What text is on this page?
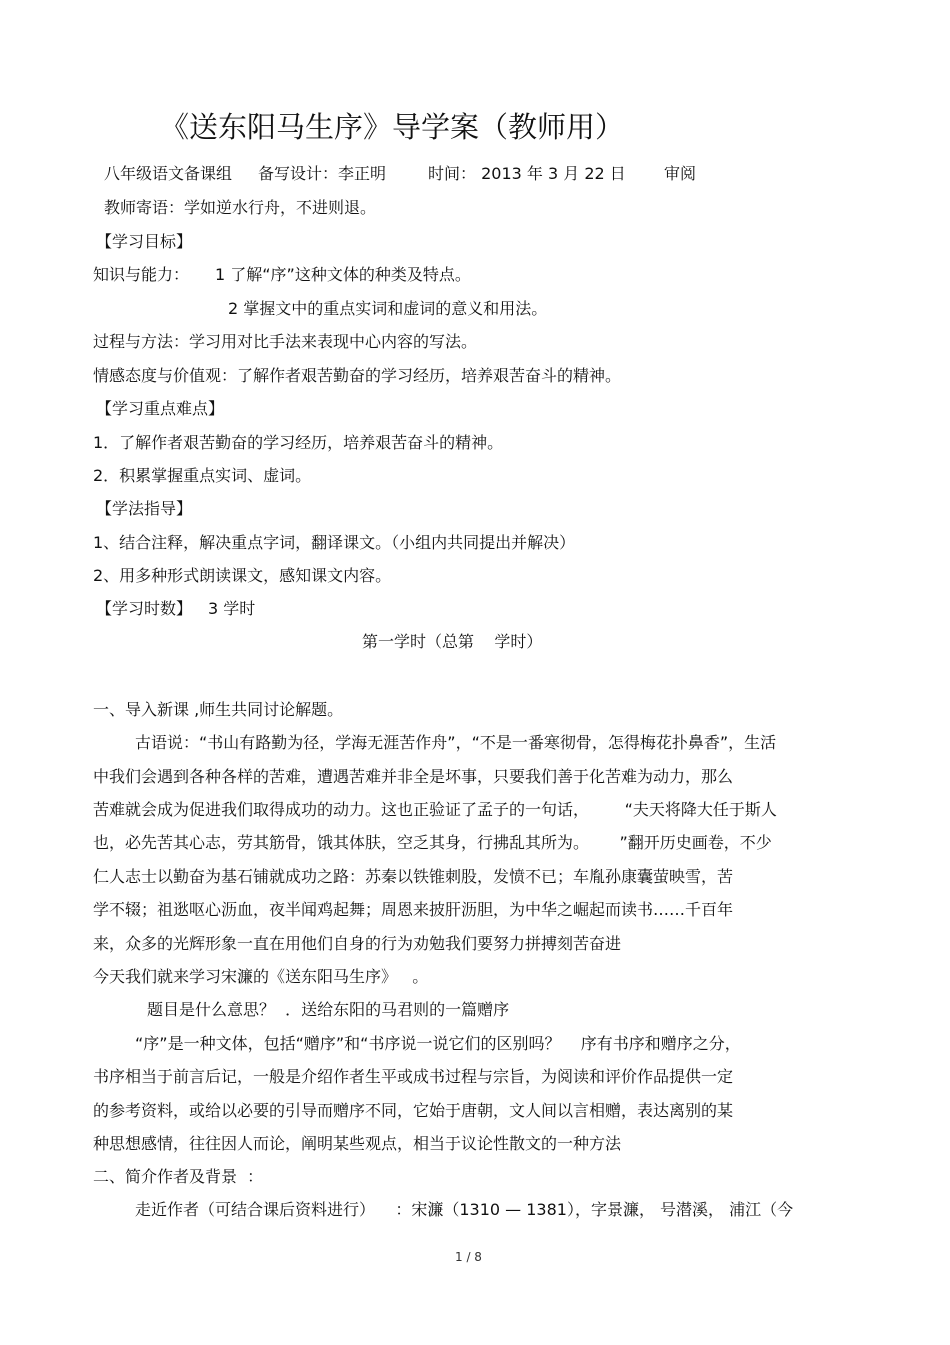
《送东阳马生序》导学案（教师用）
八年级语文备课组 备写设计：李正明	时间： 2013 年 3 月 22 日 审阅
教师寄语：学如逆水行舟，不进则退。
【学习目标】
知识与能力： 1 了解“序”这种文体的种类及特点。
2 掌握文中的重点实词和虚词的意义和用法。
过程与方法：学习用对比手法来表现中心内容的写法。
情感态度与价值观：了解作者艰苦勤奋的学习经历，培养艰苦奋斗的精神。
【学习重点难点】
1．了解作者艰苦勤奋的学习经历，培养艰苦奋斗的精神。
2．积累掌握重点实词、虚词。
【学法指导】
1、结合注释，解决重点字词，翻译课文。（小组内共同提出并解决）
2、用多种形式朗读课文，感知课文内容。
【学习时数】 3 学时
第一学时（总第    学时）
一、导入新课 ,师生共同讨论解题。
古语说：“书山有路勤为径，学海无涯苦作舟”，“不是一番寒彻骨，怎得梅花扑鼻香”，生活
中我们会遇到各种各样的苦难，遭遇苦难并非全是坏事，只要我们善于化苦难为动力，那么
苦难就会成为促进我们取得成功的动力。这也正验证了孟子的一句话，       “夫天将降大任于斯人
也，必先苦其心志，劳其筋骨，饿其体肤，空乏其身，行拂乱其所为。      ”翻开历史画卷，不少
仁人志士以勤奋为基石铺就成功之路：苏秦以铁锥刺股，发愤不已；车胤孙康囊萤映雪，苦
学不辍；祖逖呕心沥血，夜半闻鸡起舞；周恩来披肝沥胆，为中华之崛起而读书……千百年
来，众多的光辉形象一直在用他们自身的行为劝勉我们要努力拼搏刻苦奋进
今天我们就来学习宋濂的《送东阳马生序》   。
题目是什么意思？  ．送给东阳的马君则的一篇赠序
“序”是一种文体，包括“赠序”和“书序说一说它们的区别吗？    序有书序和赠序之分，
书序相当于前言后记，一般是介绍作者生平或成书过程与宗旨，为阅读和评价作品提供一定
的参考资料，或给以必要的引导而赠序不同，它始于唐朝，文人间以言相赠，表达离别的某
种思想感情，往往因人而论，阐明某些观点，相当于议论性散文的一种方法
二、简介作者及背景  ：
走近作者（可结合课后资料进行）    ：宋濂（1310 — 1381），字景濂， 号潜溪， 浦江（今
1 / 8
